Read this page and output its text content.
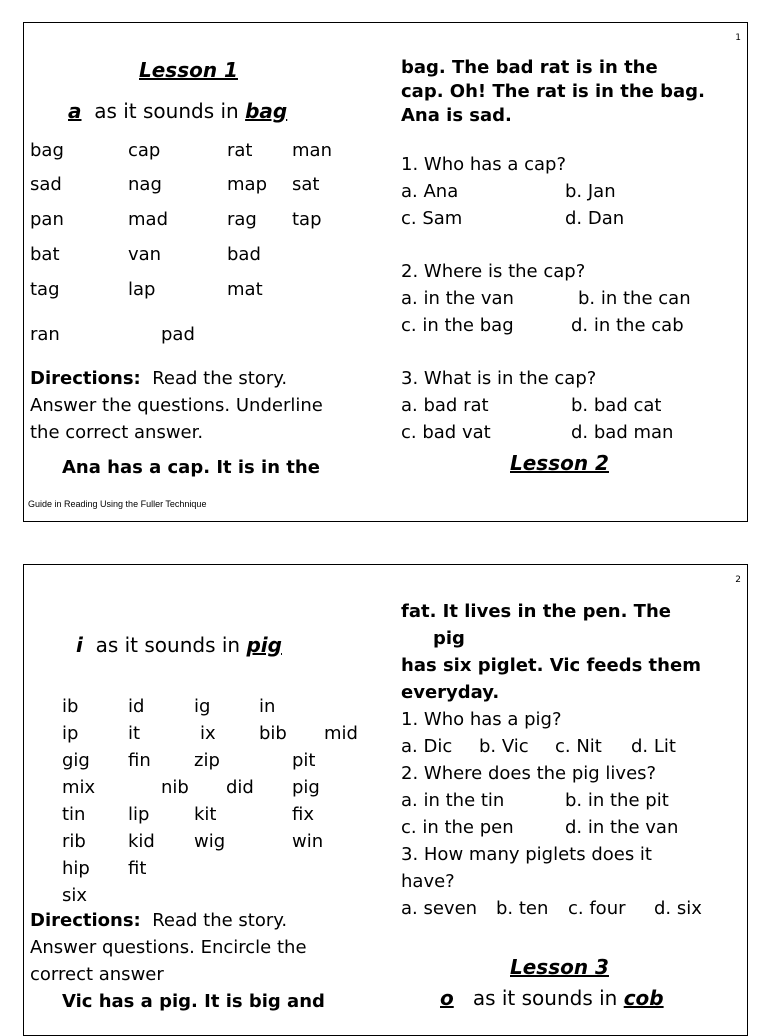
1
Lesson 1
a as it sounds in bag
bag	cap	rat man
sad	nag	map sat
pan	mad	rag tap
bat	van	bad
tag	lap	mat
ran	pad
Directions: Read the story.
Answer the questions. Underline
the correct answer.
Ana has a cap. It is in the
Guide in Reading Using the Fuller Technique
bag. The bad rat is in the
cap. Oh! The rat is in the bag.
Ana is sad.
1. Who has a cap?
a. Ana	b. Jan
c. Sam	d. Dan
2. Where is the cap?
a. in the van	b. in the can
c. in the bag	d. in the cab
3. What is in the cap?
a. bad rat	b. bad cat
c. bad vat	d. bad man
Lesson 2
2
i as it sounds in pig
ib	id	ig	in
ip	it	ix bib mid
gig fin zip	pit
mix	nib did pig
tin lip kit	fix
rib kid wig	win
hip fit
six
Directions: Read the story.
Answer questions. Encircle the
correct answer
Vic has a pig. It is big and
fat. It lives in the pen. The
pig
has six piglet. Vic feeds them
everyday.
1. Who has a pig?
a. Dic b. Vic c. Nit d. Lit
2. Where does the pig lives?
a. in the tin	b. in the pit
c. in the pen	d. in the van
3. How many piglets does it
have?
a. seven b. ten c. four d. six
Lesson 3
o as it sounds in cob
